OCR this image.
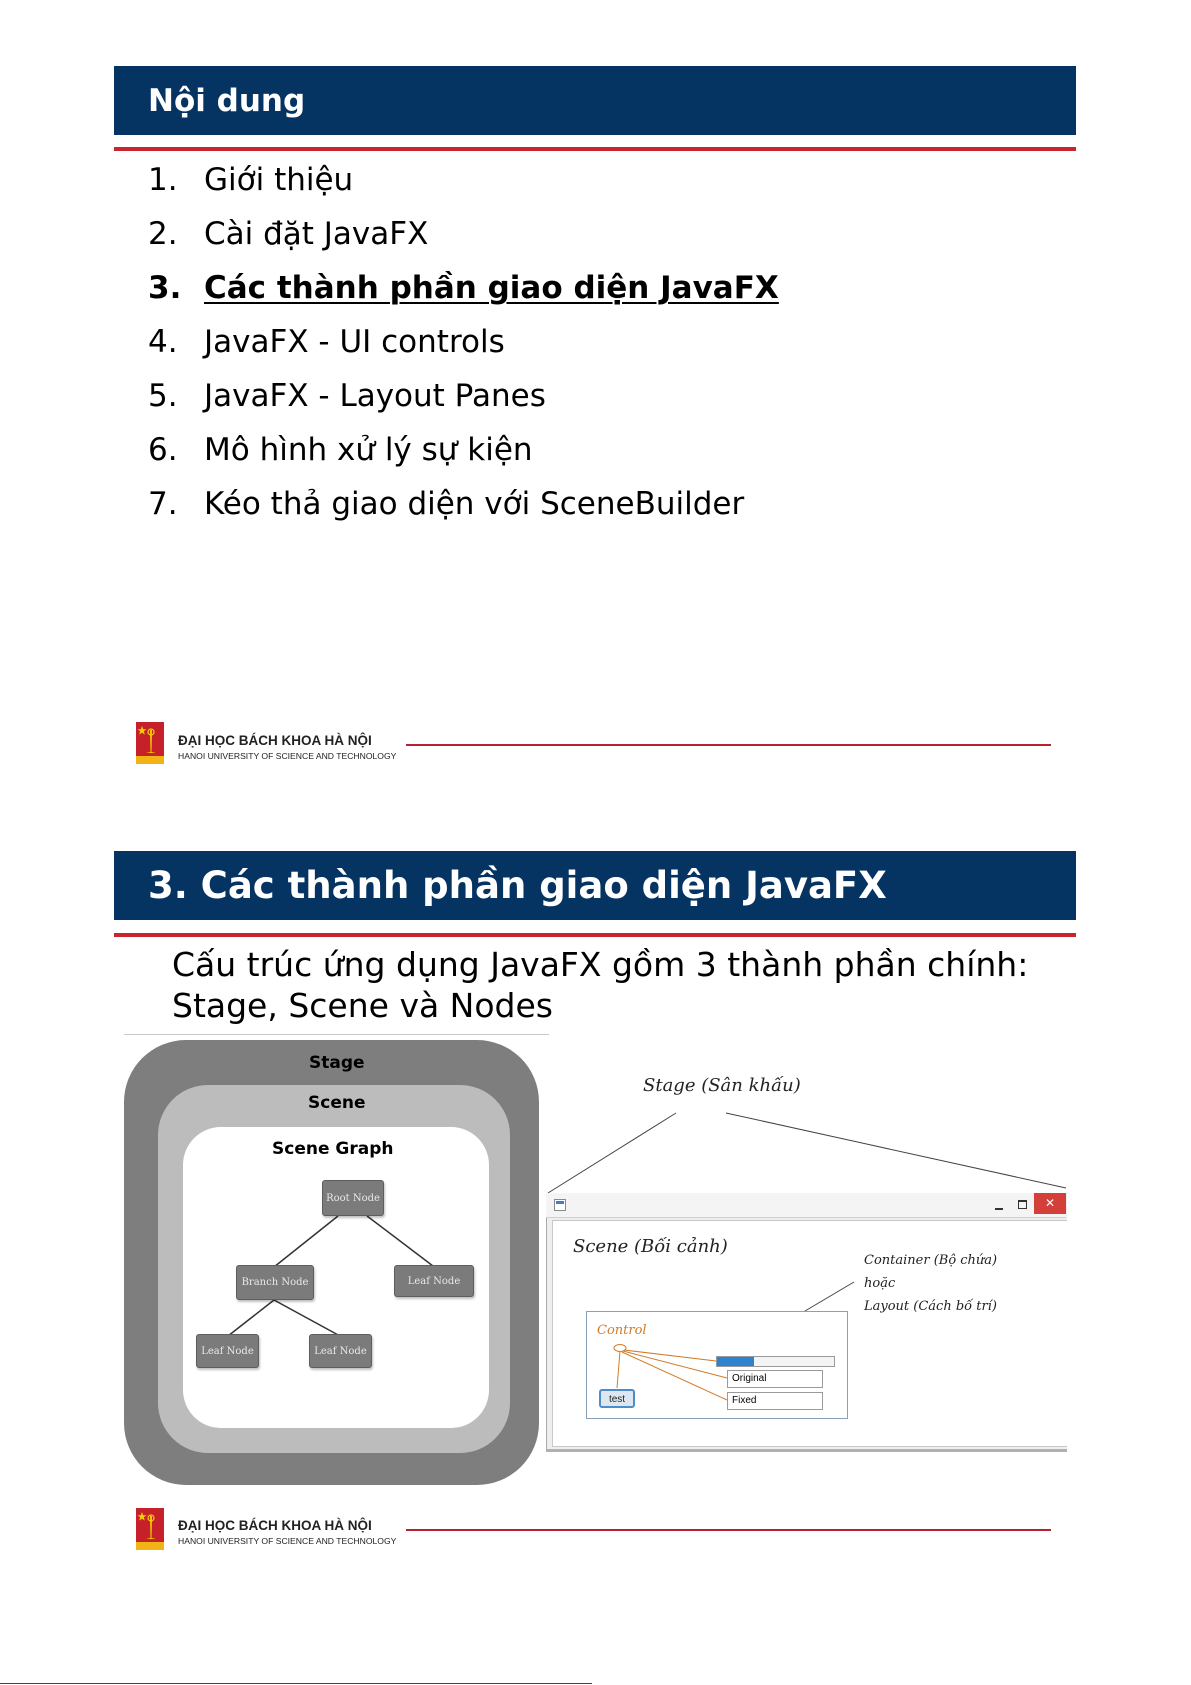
Nội dung
1. Giới thiệu
2. Cài đặt JavaFX
3. Các thành phần giao diện JavaFX
4. JavaFX - UI controls
5. JavaFX - Layout Panes
6. Mô hình xử lý sự kiện
7. Kéo thả giao diện với SceneBuilder
ĐẠI HỌC BÁCH KHOA HÀ NỘI
HANOI UNIVERSITY OF SCIENCE AND TECHNOLOGY
3. Các thành phần giao diện JavaFX
Cấu trúc ứng dụng JavaFX gồm 3 thành phần chính:
Stage, Scene và Nodes
Stage
Scene
Scene Graph
Root Node
Branch Node	Leaf Node
Leaf Node	Leaf Node
Stage (Sân khấu)
✕
Scene (Bối cảnh)
Container (Bộ chứa)
hoặc
Layout (Cách bố trí)
Control
Original
Fixed
test
ĐẠI HỌC BÁCH KHOA HÀ NỘI
HANOI UNIVERSITY OF SCIENCE AND TECHNOLOGY
